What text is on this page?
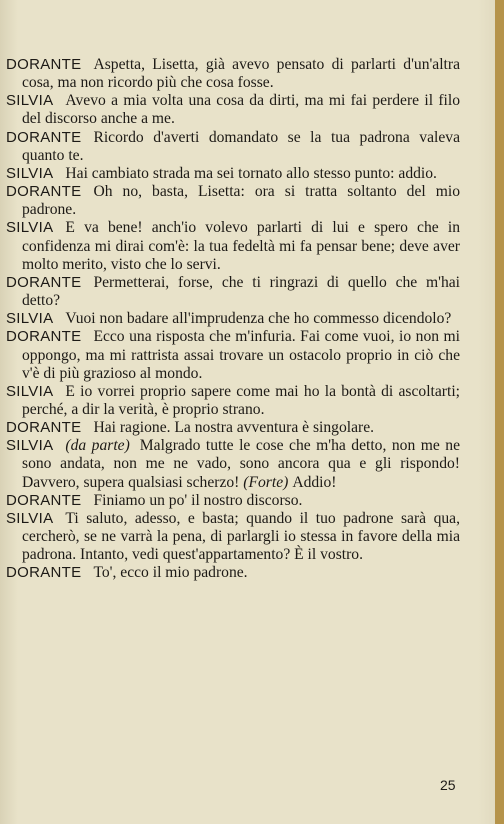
DORANTE Aspetta, Lisetta, già avevo pensato di parlarti d'un'altra cosa, ma non ricordo più che cosa fosse.

SILVIA Avevo a mia volta una cosa da dirti, ma mi fai perdere il filo del discorso anche a me.

DORANTE Ricordo d'averti domandato se la tua padrona valeva quanto te.

SILVIA Hai cambiato strada ma sei tornato allo stesso punto: addio.

DORANTE Oh no, basta, Lisetta: ora si tratta soltanto del mio padrone.

SILVIA E va bene! anch'io volevo parlarti di lui e spero che in confidenza mi dirai com'è: la tua fedeltà mi fa pensar bene; deve aver molto merito, visto che lo servi.

DORANTE Permetterai, forse, che ti ringrazi di quello che m'hai detto?

SILVIA Vuoi non badare all'imprudenza che ho commesso dicendolo?

DORANTE Ecco una risposta che m'infuria. Fai come vuoi, io non mi oppongo, ma mi rattrista assai trovare un ostacolo proprio in ciò che v'è di più grazioso al mondo.

SILVIA E io vorrei proprio sapere come mai ho la bontà di ascoltarti; perché, a dir la verità, è proprio strano.

DORANTE Hai ragione. La nostra avventura è singolare.

SILVIA (da parte) Malgrado tutte le cose che m'ha detto, non me ne sono andata, non me ne vado, sono ancora qua e gli rispondo! Davvero, supera qualsiasi scherzo! (Forte) Addio!

DORANTE Finiamo un po' il nostro discorso.

SILVIA Ti saluto, adesso, e basta; quando il tuo padrone sarà qua, cercherò, se ne varrà la pena, di parlargli io stessa in favore della mia padrona. Intanto, vedi quest'appartamento? È il vostro.

DORANTE To', ecco il mio padrone.

25
